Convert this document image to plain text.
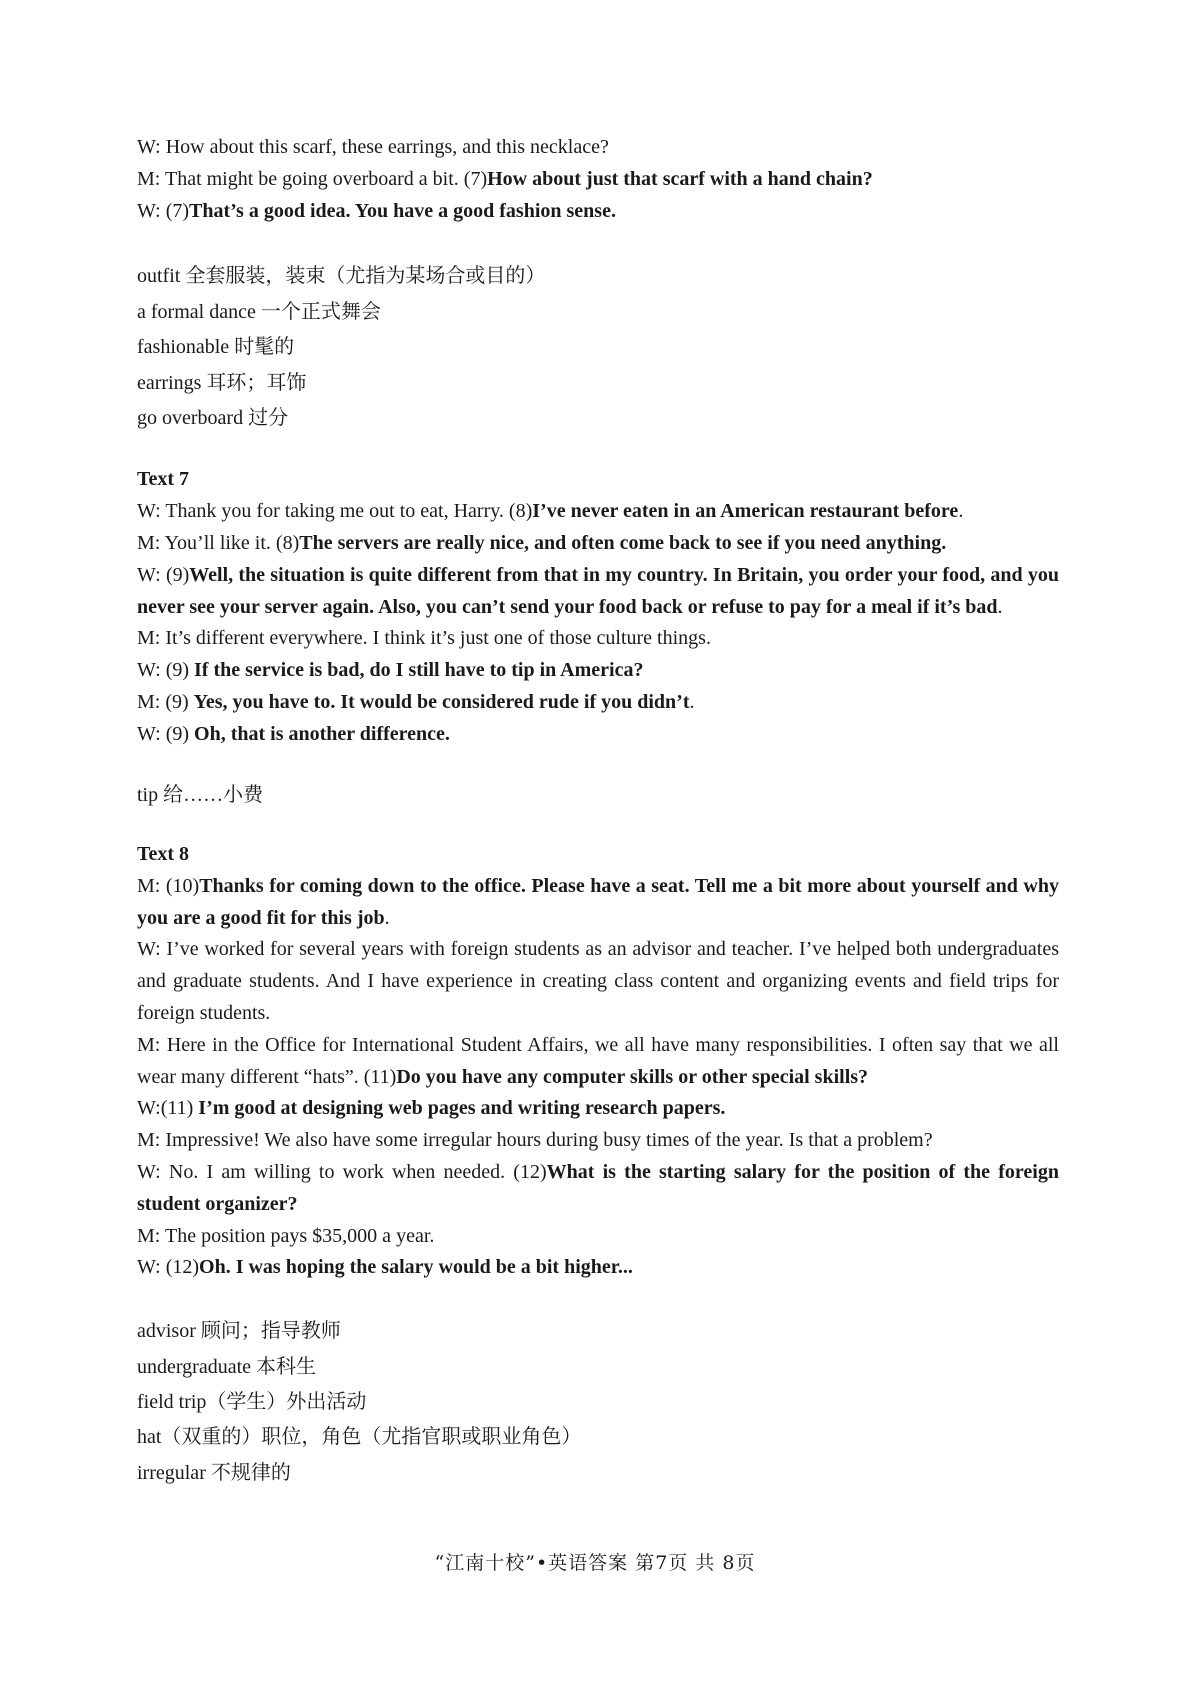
W: How about this scarf, these earrings, and this necklace?

M: That might be going overboard a bit. (7)How about just that scarf with a hand chain?

W: (7)That’s a good idea. You have a good fashion sense.

outfit 全套服装，装束（尤指为某场合或目的）

a formal dance 一个正式舞会

fashionable 时髦的

earrings 耳环；耳饰

go overboard 过分

Text 7

W: Thank you for taking me out to eat, Harry. (8)I’ve never eaten in an American restaurant before.

M: You’ll like it. (8)The servers are really nice, and often come back to see if you need anything.

W: (9)Well, the situation is quite different from that in my country. In Britain, you order your food, and you never see your server again. Also, you can’t send your food back or refuse to pay for a meal if it’s bad.

M: It’s different everywhere. I think it’s just one of those culture things.

W: (9) If the service is bad, do I still have to tip in America?

M: (9) Yes, you have to. It would be considered rude if you didn’t.

W: (9) Oh, that is another difference.

tip 给……小费

Text 8

M: (10)Thanks for coming down to the office. Please have a seat. Tell me a bit more about yourself and why you are a good fit for this job.

W: I’ve worked for several years with foreign students as an advisor and teacher. I’ve helped both undergraduates and graduate students. And I have experience in creating class content and organizing events and field trips for foreign students.

M: Here in the Office for International Student Affairs, we all have many responsibilities. I often say that we all wear many different “hats”. (11)Do you have any computer skills or other special skills?

W:(11) I’m good at designing web pages and writing research papers.

M: Impressive! We also have some irregular hours during busy times of the year. Is that a problem?

W: No. I am willing to work when needed. (12)What is the starting salary for the position of the foreign student organizer?

M: The position pays $35,000 a year.

W: (12)Oh. I was hoping the salary would be a bit higher...

advisor 顾问；指导教师

undergraduate 本科生

field trip（学生）外出活动

hat（双重的）职位，角色（尤指官职或职业角色）

irregular 不规律的

“江南十校”•英语答案 第7页 共 8页
